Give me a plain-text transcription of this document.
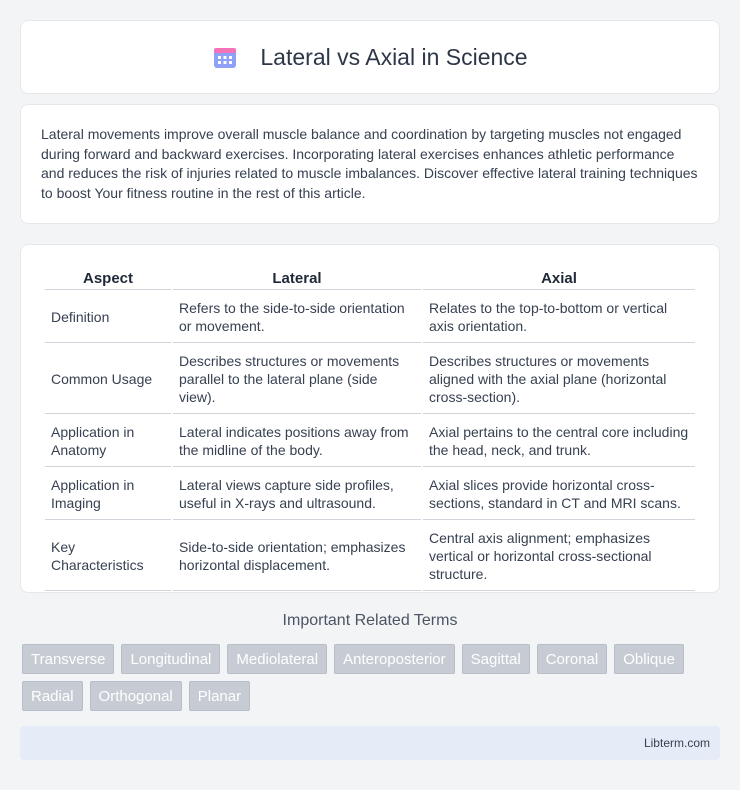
Lateral vs Axial in Science

Lateral movements improve overall muscle balance and coordination by targeting muscles not engaged during forward and backward exercises. Incorporating lateral exercises enhances athletic performance and reduces the risk of injuries related to muscle imbalances. Discover effective lateral training techniques to boost Your fitness routine in the rest of this article.

Aspect	Lateral	Axial
Definition	Refers to the side-to-side orientation or movement.	Relates to the top-to-bottom or vertical axis orientation.
Common Usage	Describes structures or movements parallel to the lateral plane (side view).	Describes structures or movements aligned with the axial plane (horizontal cross-section).
Application in Anatomy	Lateral indicates positions away from the midline of the body.	Axial pertains to the central core including the head, neck, and trunk.
Application in Imaging	Lateral views capture side profiles, useful in X-rays and ultrasound.	Axial slices provide horizontal cross-sections, standard in CT and MRI scans.
Key Characteristics	Side-to-side orientation; emphasizes horizontal displacement.	Central axis alignment; emphasizes vertical or horizontal cross-sectional structure.
Important Related Terms
Transverse	Longitudinal	Mediolateral	Anteroposterior	Sagittal	Coronal	Oblique
Radial	Orthogonal	Planar
Libterm.com
